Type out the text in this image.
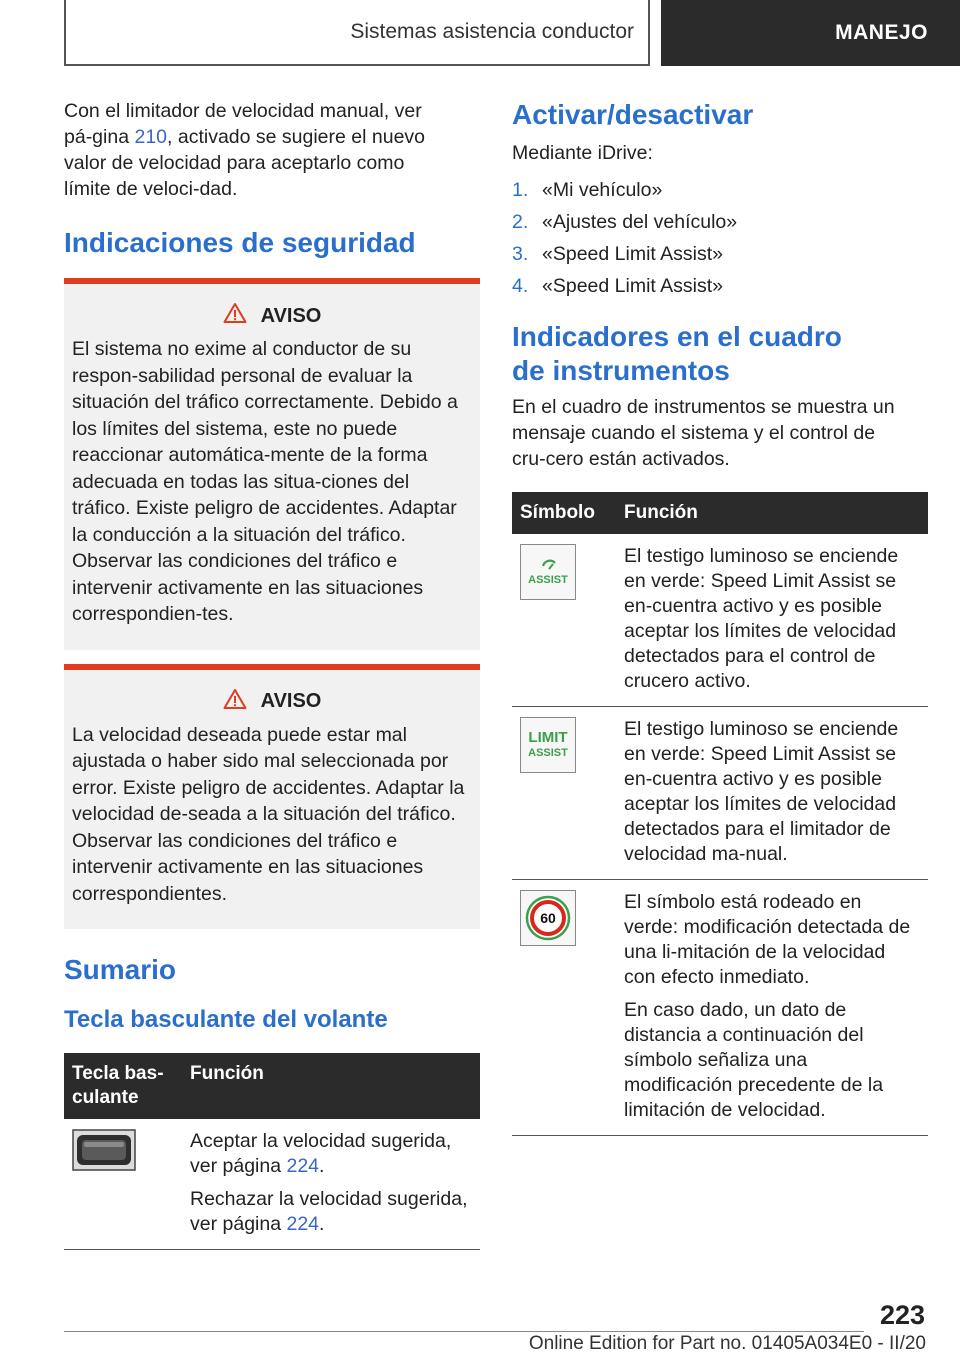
Sistemas asistencia conductor	MANEJO

Con el limitador de velocidad manual, ver pá-gina 210, activado se sugiere el nuevo valor de velocidad para aceptarlo como límite de veloci-dad.

Indicaciones de seguridad
AVISO

El sistema no exime al conductor de su respon-sabilidad personal de evaluar la situación del tráfico correctamente. Debido a los límites del sistema, este no puede reaccionar automática-mente de la forma adecuada en todas las situa-ciones del tráfico. Existe peligro de accidentes. Adaptar la conducción a la situación del tráfico. Observar las condiciones del tráfico e intervenir activamente en las situaciones correspondien-tes.

AVISO

La velocidad deseada puede estar mal ajustada o haber sido mal seleccionada por error. Existe peligro de accidentes. Adaptar la velocidad de-seada a la situación del tráfico. Observar las condiciones del tráfico e intervenir activamente en las situaciones correspondientes.

Sumario
Tecla basculante del volante
Tecla bas-culante	Función

Aceptar la velocidad sugerida, ver página 224.

Rechazar la velocidad sugerida, ver página 224.

Activar/desactivar

Mediante iDrive:

1. «Mi vehículo»
2. «Ajustes del vehículo»
3. «Speed Limit Assist»
4. «Speed Limit Assist»
Indicadores en el cuadro de instrumentos

En el cuadro de instrumentos se muestra un mensaje cuando el sistema y el control de cru-cero están activados.

Símbolo	Función

ASSIST	El testigo luminoso se enciende en verde: Speed Limit Assist se en-cuentra activo y es posible aceptar los límites de velocidad detectados para el control de crucero activo.

LIMIT
ASSIST	El testigo luminoso se enciende en verde: Speed Limit Assist se en-cuentra activo y es posible aceptar los límites de velocidad detectados para el limitador de velocidad ma-nual.

60	El símbolo está rodeado en verde: modificación detectada de una li-mitación de la velocidad con efecto inmediato.

En caso dado, un dato de distancia a continuación del símbolo señaliza una modificación precedente de la limitación de velocidad.

223
Online Edition for Part no. 01405A034E0 - II/20
